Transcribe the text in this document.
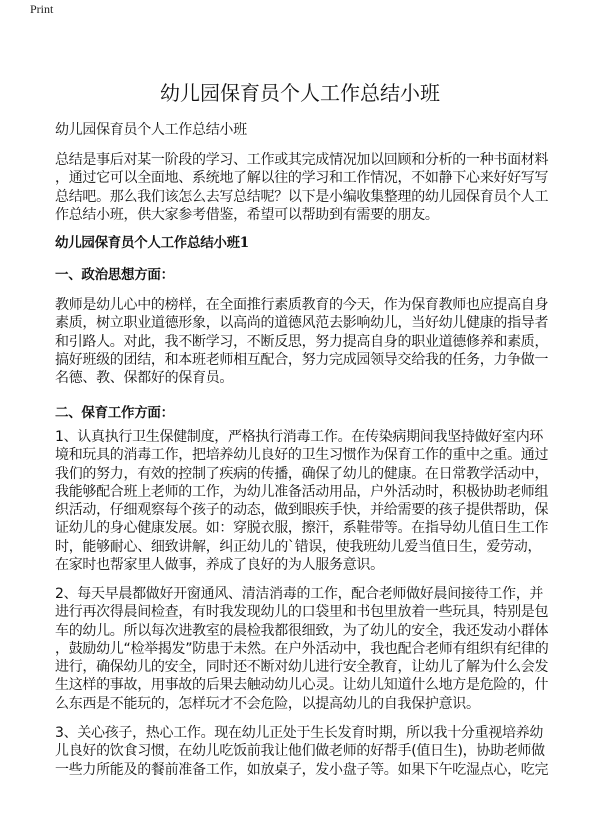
Print
幼儿园保育员个人工作总结小班
幼儿园保育员个人工作总结小班
总结是事后对某一阶段的学习、工作或其完成情况加以回顾和分析的一种书面材料
，通过它可以全面地、系统地了解以往的学习和工作情况，不如静下心来好好写写
总结吧。那么我们该怎么去写总结呢？以下是小编收集整理的幼儿园保育员个人工
作总结小班，供大家参考借鉴，希望可以帮助到有需要的朋友。
幼儿园保育员个人工作总结小班1
一、政治思想方面：
教师是幼儿心中的榜样，在全面推行素质教育的今天，作为保育教师也应提高自身
素质，树立职业道德形象，以高尚的道德风范去影响幼儿，当好幼儿健康的指导者
和引路人。对此，我不断学习，不断反思，努力提高自身的职业道德修养和素质，
搞好班级的团结，和本班老师相互配合，努力完成园领导交给我的任务，力争做一
名德、教、保都好的保育员。
二、保育工作方面：
1、认真执行卫生保健制度，严格执行消毒工作。在传染病期间我坚持做好室内环
境和玩具的消毒工作，把培养幼儿良好的卫生习惯作为保育工作的重中之重。通过
我们的努力，有效的控制了疾病的传播，确保了幼儿的健康。在日常教学活动中，
我能够配合班上老师的工作，为幼儿准备活动用品，户外活动时，积极协助老师组
织活动，仔细观察每个孩子的动态，做到眼疾手快，并给需要的孩子提供帮助，保
证幼儿的身心健康发展。如：穿脱衣服，擦汗，系鞋带等。在指导幼儿值日生工作
时，能够耐心、细致讲解，纠正幼儿的`错误，使我班幼儿爱当值日生，爱劳动，
在家时也帮家里人做事，养成了良好的为人服务意识。
2、每天早晨都做好开窗通风、清洁消毒的工作，配合老师做好晨间接待工作，并
进行再次得晨间检查，有时我发现幼儿的口袋里和书包里放着一些玩具，特别是包
车的幼儿。所以每次进教室的晨检我都很细致，为了幼儿的安全，我还发动小群体
，鼓励幼儿“检举揭发”防患于未然。在户外活动中，我也配合老师有组织有纪律的
进行，确保幼儿的安全，同时还不断对幼儿进行安全教育，让幼儿了解为什么会发
生这样的事故，用事故的后果去触动幼儿心灵。让幼儿知道什么地方是危险的，什
么东西是不能玩的，怎样玩才不会危险，以提高幼儿的自我保护意识。
3、关心孩子，热心工作。现在幼儿正处于生长发育时期，所以我十分重视培养幼
儿良好的饮食习惯，在幼儿吃饭前我让他们做老师的好帮手(值日生)，协助老师做
一些力所能及的餐前准备工作，如放桌子，发小盘子等。如果下午吃湿点心，吃完
